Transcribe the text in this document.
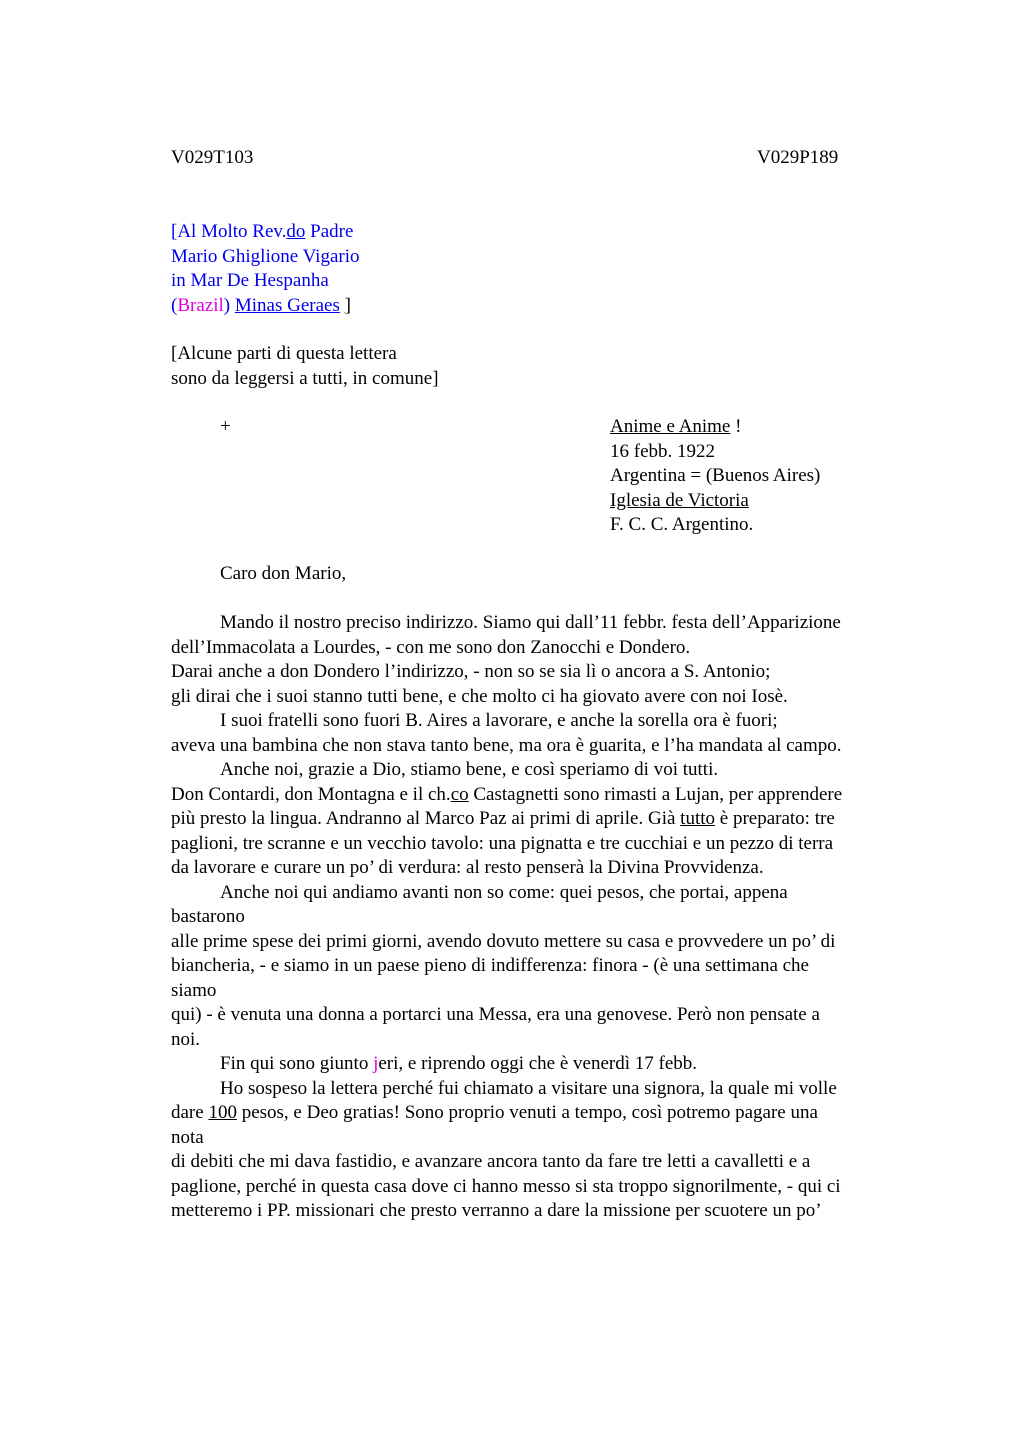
V029T103	V029P189
[Al Molto Rev.do Padre
Mario Ghiglione Vigario
in Mar De Hespanha
(Brazil) Minas Geraes ]
[Alcune parti di questa lettera
sono da leggersi a tutti, in comune]
+	Anime e Anime !
16 febb. 1922
Argentina = (Buenos Aires)
Iglesia de Victoria
F. C. C. Argentino.
Caro don Mario,
Mando il nostro preciso indirizzo. Siamo qui dall’11 febbr. festa dell’Apparizione
dell’Immacolata a Lourdes, - con me sono don Zanocchi e Dondero.
Darai anche a don Dondero l’indirizzo, - non so se sia lì o ancora a S. Antonio;
gli dirai che i suoi stanno tutti bene, e che molto ci ha giovato avere con noi Iosè.
I suoi fratelli sono fuori B. Aires a lavorare, e anche la sorella ora è fuori;
aveva una bambina che non stava tanto bene, ma ora è guarita, e l’ha mandata al campo.
Anche noi, grazie a Dio, stiamo bene, e così speriamo di voi tutti.
Don Contardi, don Montagna e il ch.co Castagnetti sono rimasti a Lujan, per apprendere
più presto la lingua. Andranno al Marco Paz ai primi di aprile. Già tutto è preparato: tre
paglioni, tre scranne e un vecchio tavolo: una pignatta e tre cucchiai e un pezzo di terra
da lavorare e curare un po’ di verdura: al resto penserà la Divina Provvidenza.
Anche noi qui andiamo avanti non so come: quei pesos, che portai, appena
bastarono
alle prime spese dei primi giorni, avendo dovuto mettere su casa e provvedere un po’ di
biancheria, - e siamo in un paese pieno di indifferenza: finora - (è una settimana che
siamo
qui) - è venuta una donna a portarci una Messa, era una genovese. Però non pensate a
noi.
Fin qui sono giunto jeri, e riprendo oggi che è venerdì 17 febb.
Ho sospeso la lettera perché fui chiamato a visitare una signora, la quale mi volle
dare 100 pesos, e Deo gratias! Sono proprio venuti a tempo, così potremo pagare una
nota
di debiti che mi dava fastidio, e avanzare ancora tanto da fare tre letti a cavalletti e a
paglione, perché in questa casa dove ci hanno messo si sta troppo signorilmente, - qui ci
metteremo i PP. missionari che presto verranno a dare la missione per scuotere un po’
